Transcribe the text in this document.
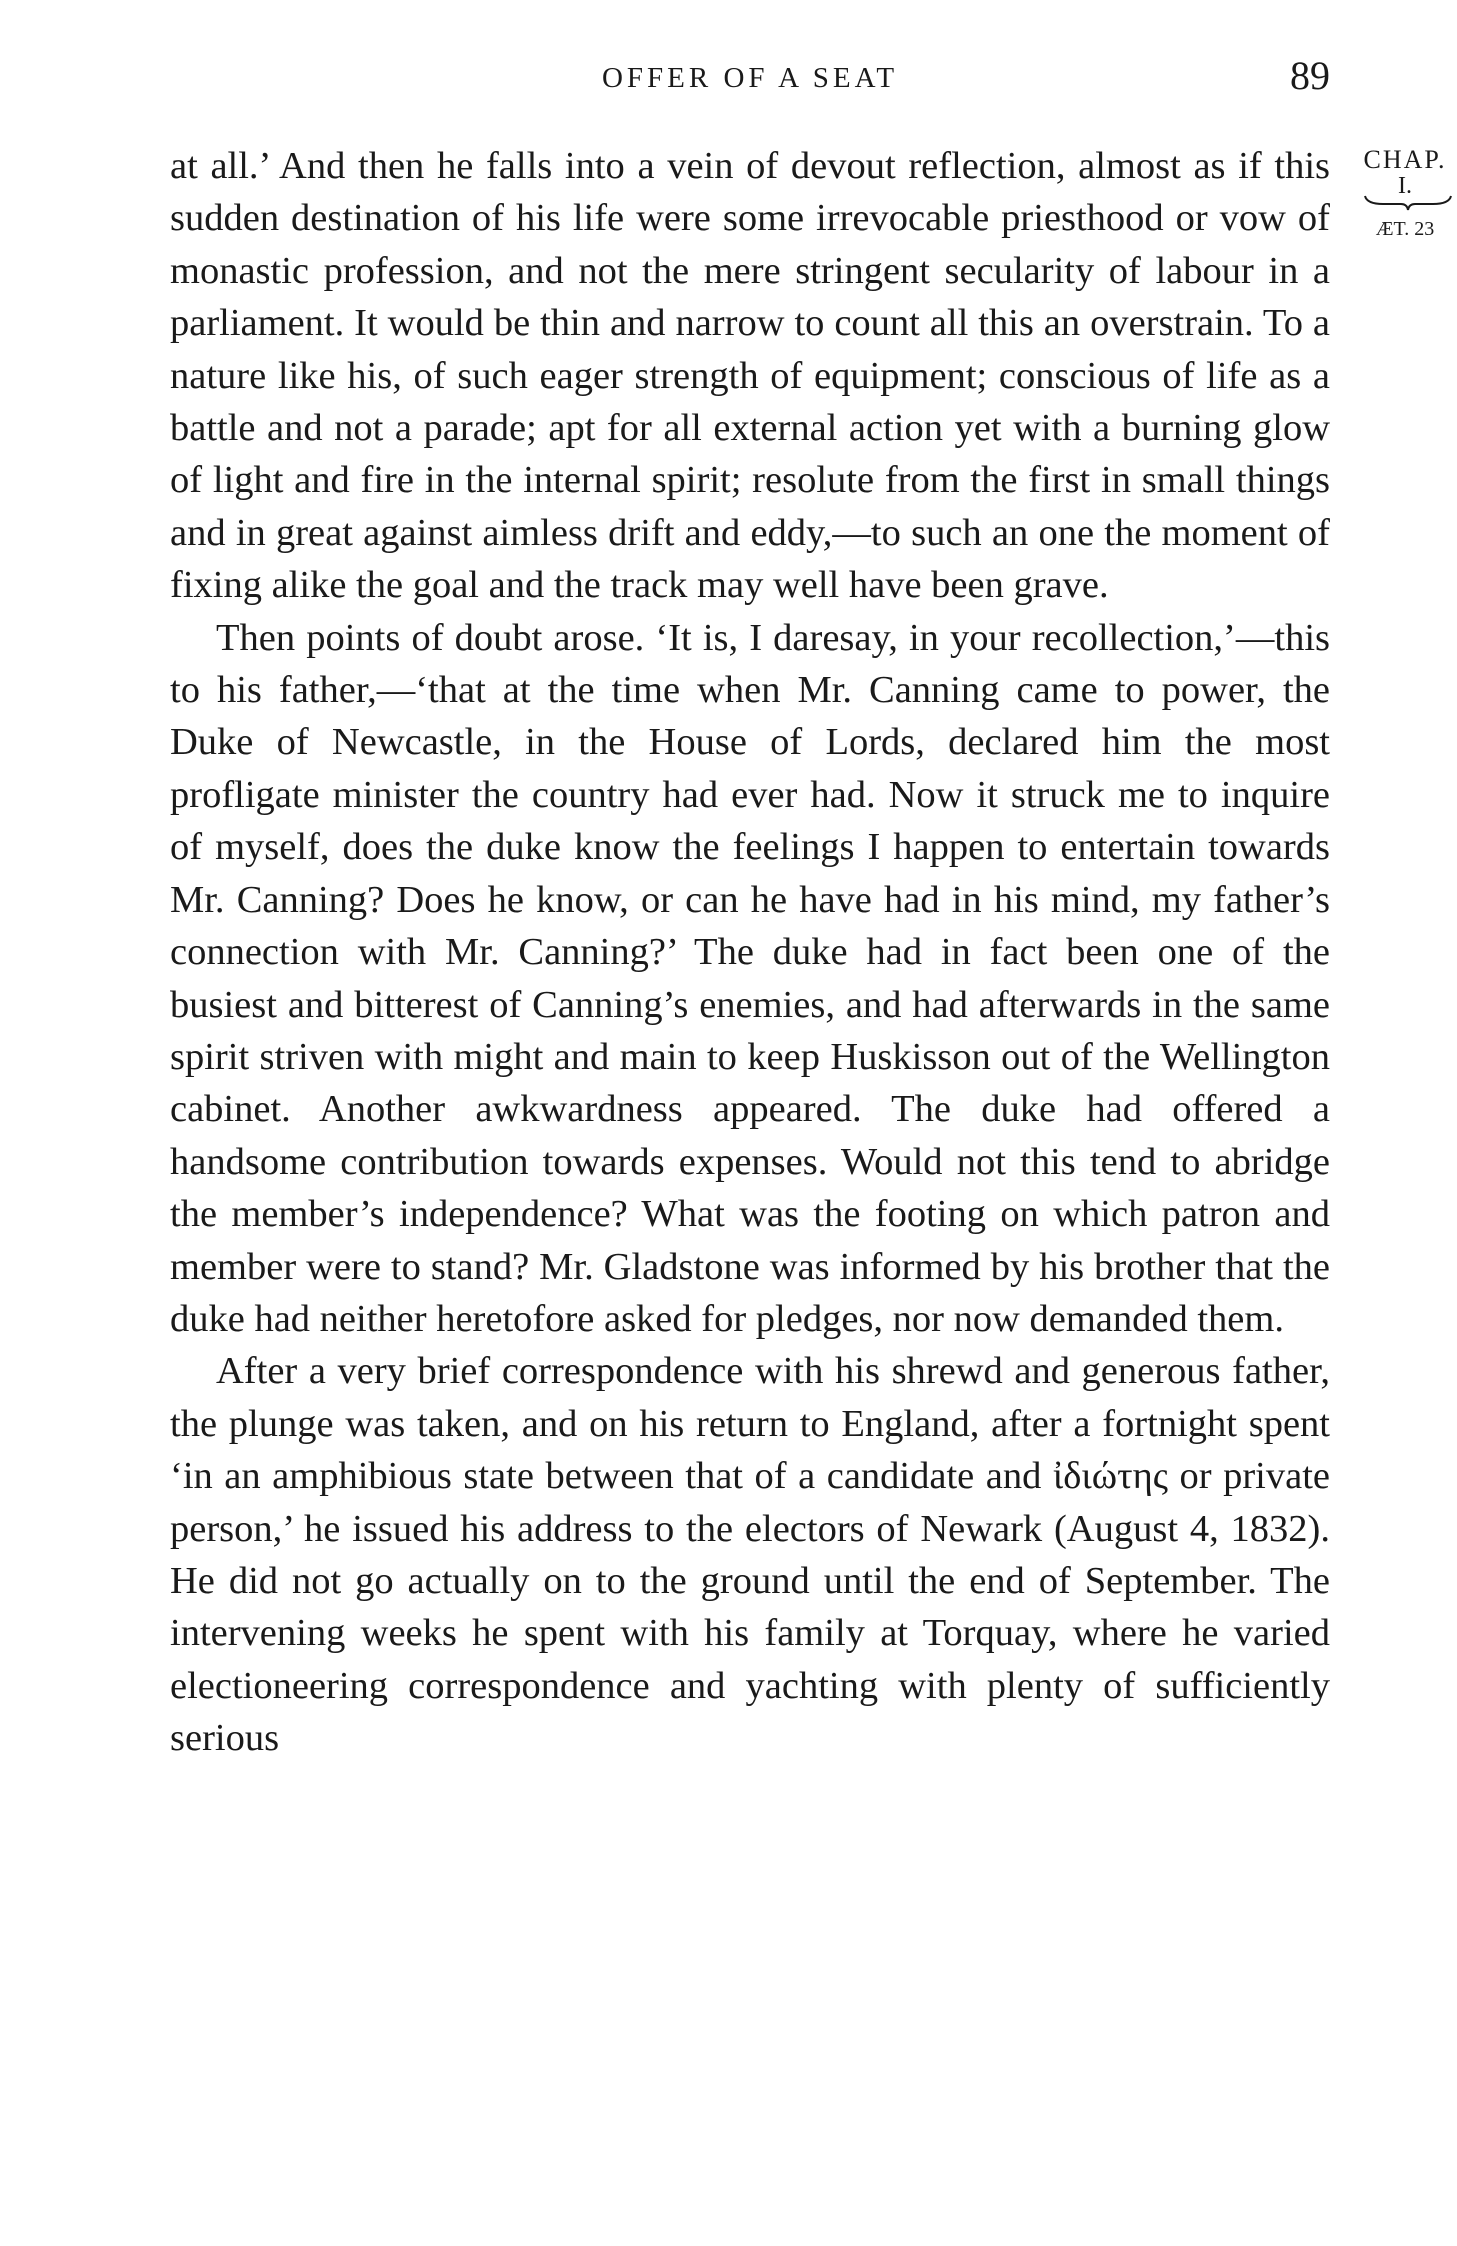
OFFER OF A SEAT	89
CHAP.
I.
ÆT. 23

at all.’ And then he falls into a vein of devout reflection, almost as if this sudden destination of his life were some irrevocable priesthood or vow of monastic profession, and not the mere stringent secularity of labour in a parliament. It would be thin and narrow to count all this an overstrain. To a nature like his, of such eager strength of equipment; conscious of life as a battle and not a parade; apt for all external action yet with a burning glow of light and fire in the internal spirit; resolute from the first in small things and in great against aimless drift and eddy,—to such an one the moment of fixing alike the goal and the track may well have been grave.

Then points of doubt arose. ‘It is, I daresay, in your recollection,’—this to his father,—‘that at the time when Mr. Canning came to power, the Duke of Newcastle, in the House of Lords, declared him the most profligate minister the country had ever had. Now it struck me to inquire of myself, does the duke know the feelings I happen to entertain towards Mr. Canning? Does he know, or can he have had in his mind, my father’s connection with Mr. Canning?’ The duke had in fact been one of the busiest and bitterest of Canning’s enemies, and had afterwards in the same spirit striven with might and main to keep Huskisson out of the Wellington cabinet. Another awkwardness appeared. The duke had offered a handsome contribution towards expenses. Would not this tend to abridge the member’s independence? What was the footing on which patron and member were to stand? Mr. Gladstone was informed by his brother that the duke had neither heretofore asked for pledges, nor now demanded them.

After a very brief correspondence with his shrewd and generous father, the plunge was taken, and on his return to England, after a fortnight spent ‘in an amphibious state between that of a candidate and ἰδιώτης or private person,’ he issued his address to the electors of Newark (August 4, 1832). He did not go actually on to the ground until the end of September. The intervening weeks he spent with his family at Torquay, where he varied electioneering correspondence and yachting with plenty of sufficiently serious
